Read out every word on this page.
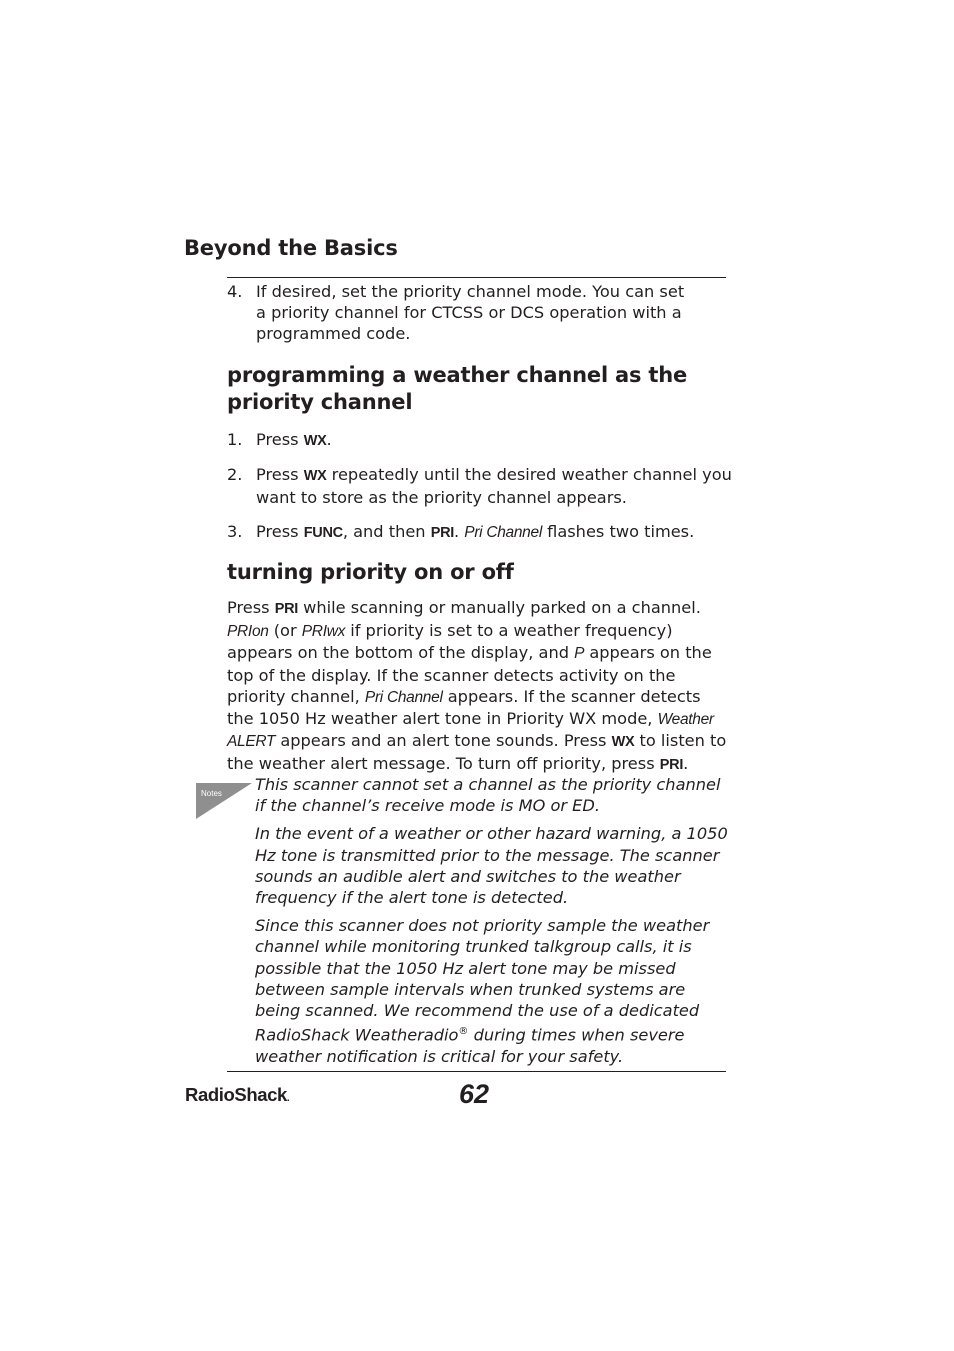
Beyond the Basics
4. If desired, set the priority channel mode. You can set a priority channel for CTCSS or DCS operation with a programmed code.
programming a weather channel as the priority channel
1. Press WX.
2. Press WX repeatedly until the desired weather channel you want to store as the priority channel appears.
3. Press FUNC, and then PRI. Pri Channel flashes two times.
turning priority on or off

Press PRI while scanning or manually parked on a channel. PRIon (or PRIwx if priority is set to a weather frequency) appears on the bottom of the display, and P appears on the top of the display. If the scanner detects activity on the priority channel, Pri Channel appears. If the scanner detects the 1050 Hz weather alert tone in Priority WX mode, Weather ALERT appears and an alert tone sounds. Press WX to listen to the weather alert message. To turn off priority, press PRI.

Notes This scanner cannot set a channel as the priority channel if the channel’s receive mode is MO or ED.

In the event of a weather or other hazard warning, a 1050 Hz tone is transmitted prior to the message. The scanner sounds an audible alert and switches to the weather frequency if the alert tone is detected.

Since this scanner does not priority sample the weather channel while monitoring trunked talkgroup calls, it is possible that the 1050 Hz alert tone may be missed between sample intervals when trunked systems are being scanned. We recommend the use of a dedicated RadioShack Weatheradio® during times when severe weather notification is critical for your safety.

RadioShack.	62
